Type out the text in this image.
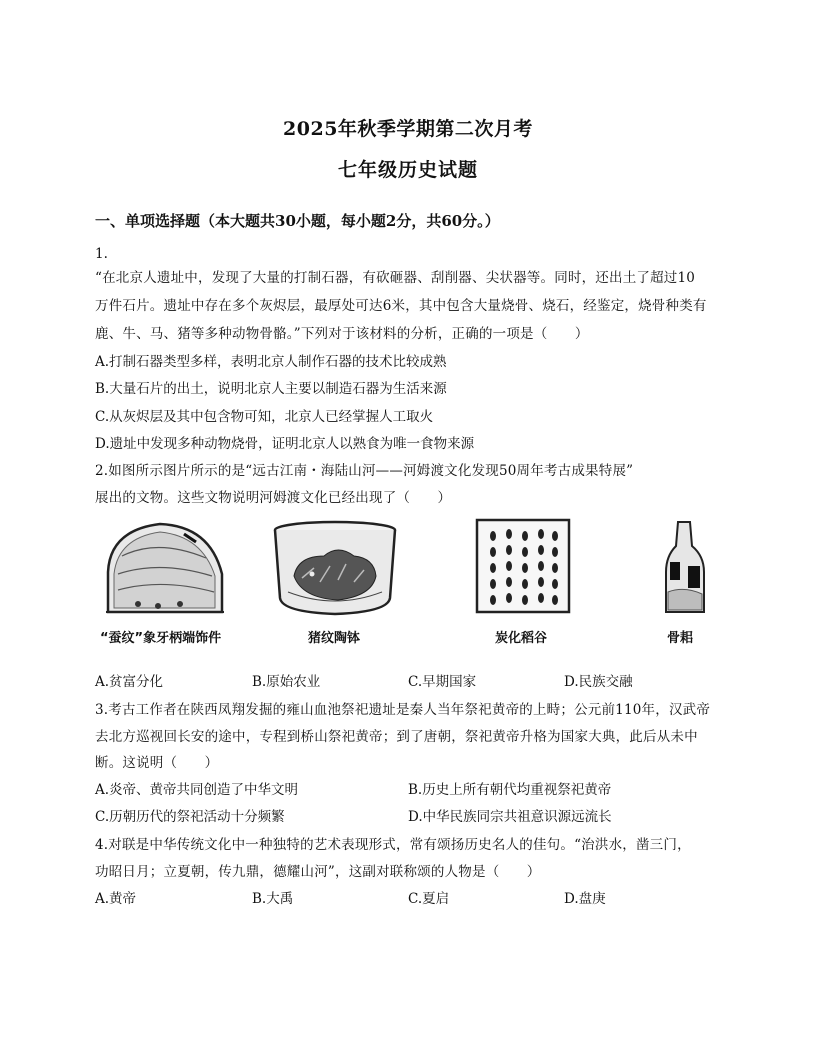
2025年秋季学期第二次月考
七年级历史试题
一、单项选择题（本大题共30小题，每小题2分，共60分。）
1.
“在北京人遗址中，发现了大量的打制石器，有砍砸器、刮削器、尖状器等。同时，还出土了超过10
万件石片。遗址中存在多个灰烬层，最厚处可达6米，其中包含大量烧骨、烧石，经鉴定，烧骨种类有
鹿、牛、马、猪等多种动物骨骼。”下列对于该材料的分析，正确的一项是（　　）
A.打制石器类型多样，表明北京人制作石器的技术比较成熟
B.大量石片的出土，说明北京人主要以制造石器为生活来源
C.从灰烬层及其中包含物可知，北京人已经掌握人工取火
D.遗址中发现多种动物烧骨，证明北京人以熟食为唯一食物来源
2.如图所示图片所示的是“远古江南・海陆山河——河姆渡文化发现50周年考古成果特展”
展出的文物。这些文物说明河姆渡文化已经出现了（　　）
“蚕纹”象牙柄端饰件	猪纹陶钵	炭化稻谷	骨耜
A.贫富分化	B.原始农业	C.早期国家	D.民族交融
3.考古工作者在陕西凤翔发掘的雍山血池祭祀遗址是秦人当年祭祀黄帝的上畤；公元前110年，汉武帝
去北方巡视回长安的途中，专程到桥山祭祀黄帝；到了唐朝，祭祀黄帝升格为国家大典，此后从未中
断。这说明（　　）
A.炎帝、黄帝共同创造了中华文明	B.历史上所有朝代均重视祭祀黄帝
C.历朝历代的祭祀活动十分频繁	D.中华民族同宗共祖意识源远流长
4.对联是中华传统文化中一种独特的艺术表现形式，常有颂扬历史名人的佳句。“治洪水，凿三门，
功昭日月；立夏朝，传九鼎，德耀山河”，这副对联称颂的人物是（　　）
A.黄帝	B.大禹	C.夏启	D.盘庚
